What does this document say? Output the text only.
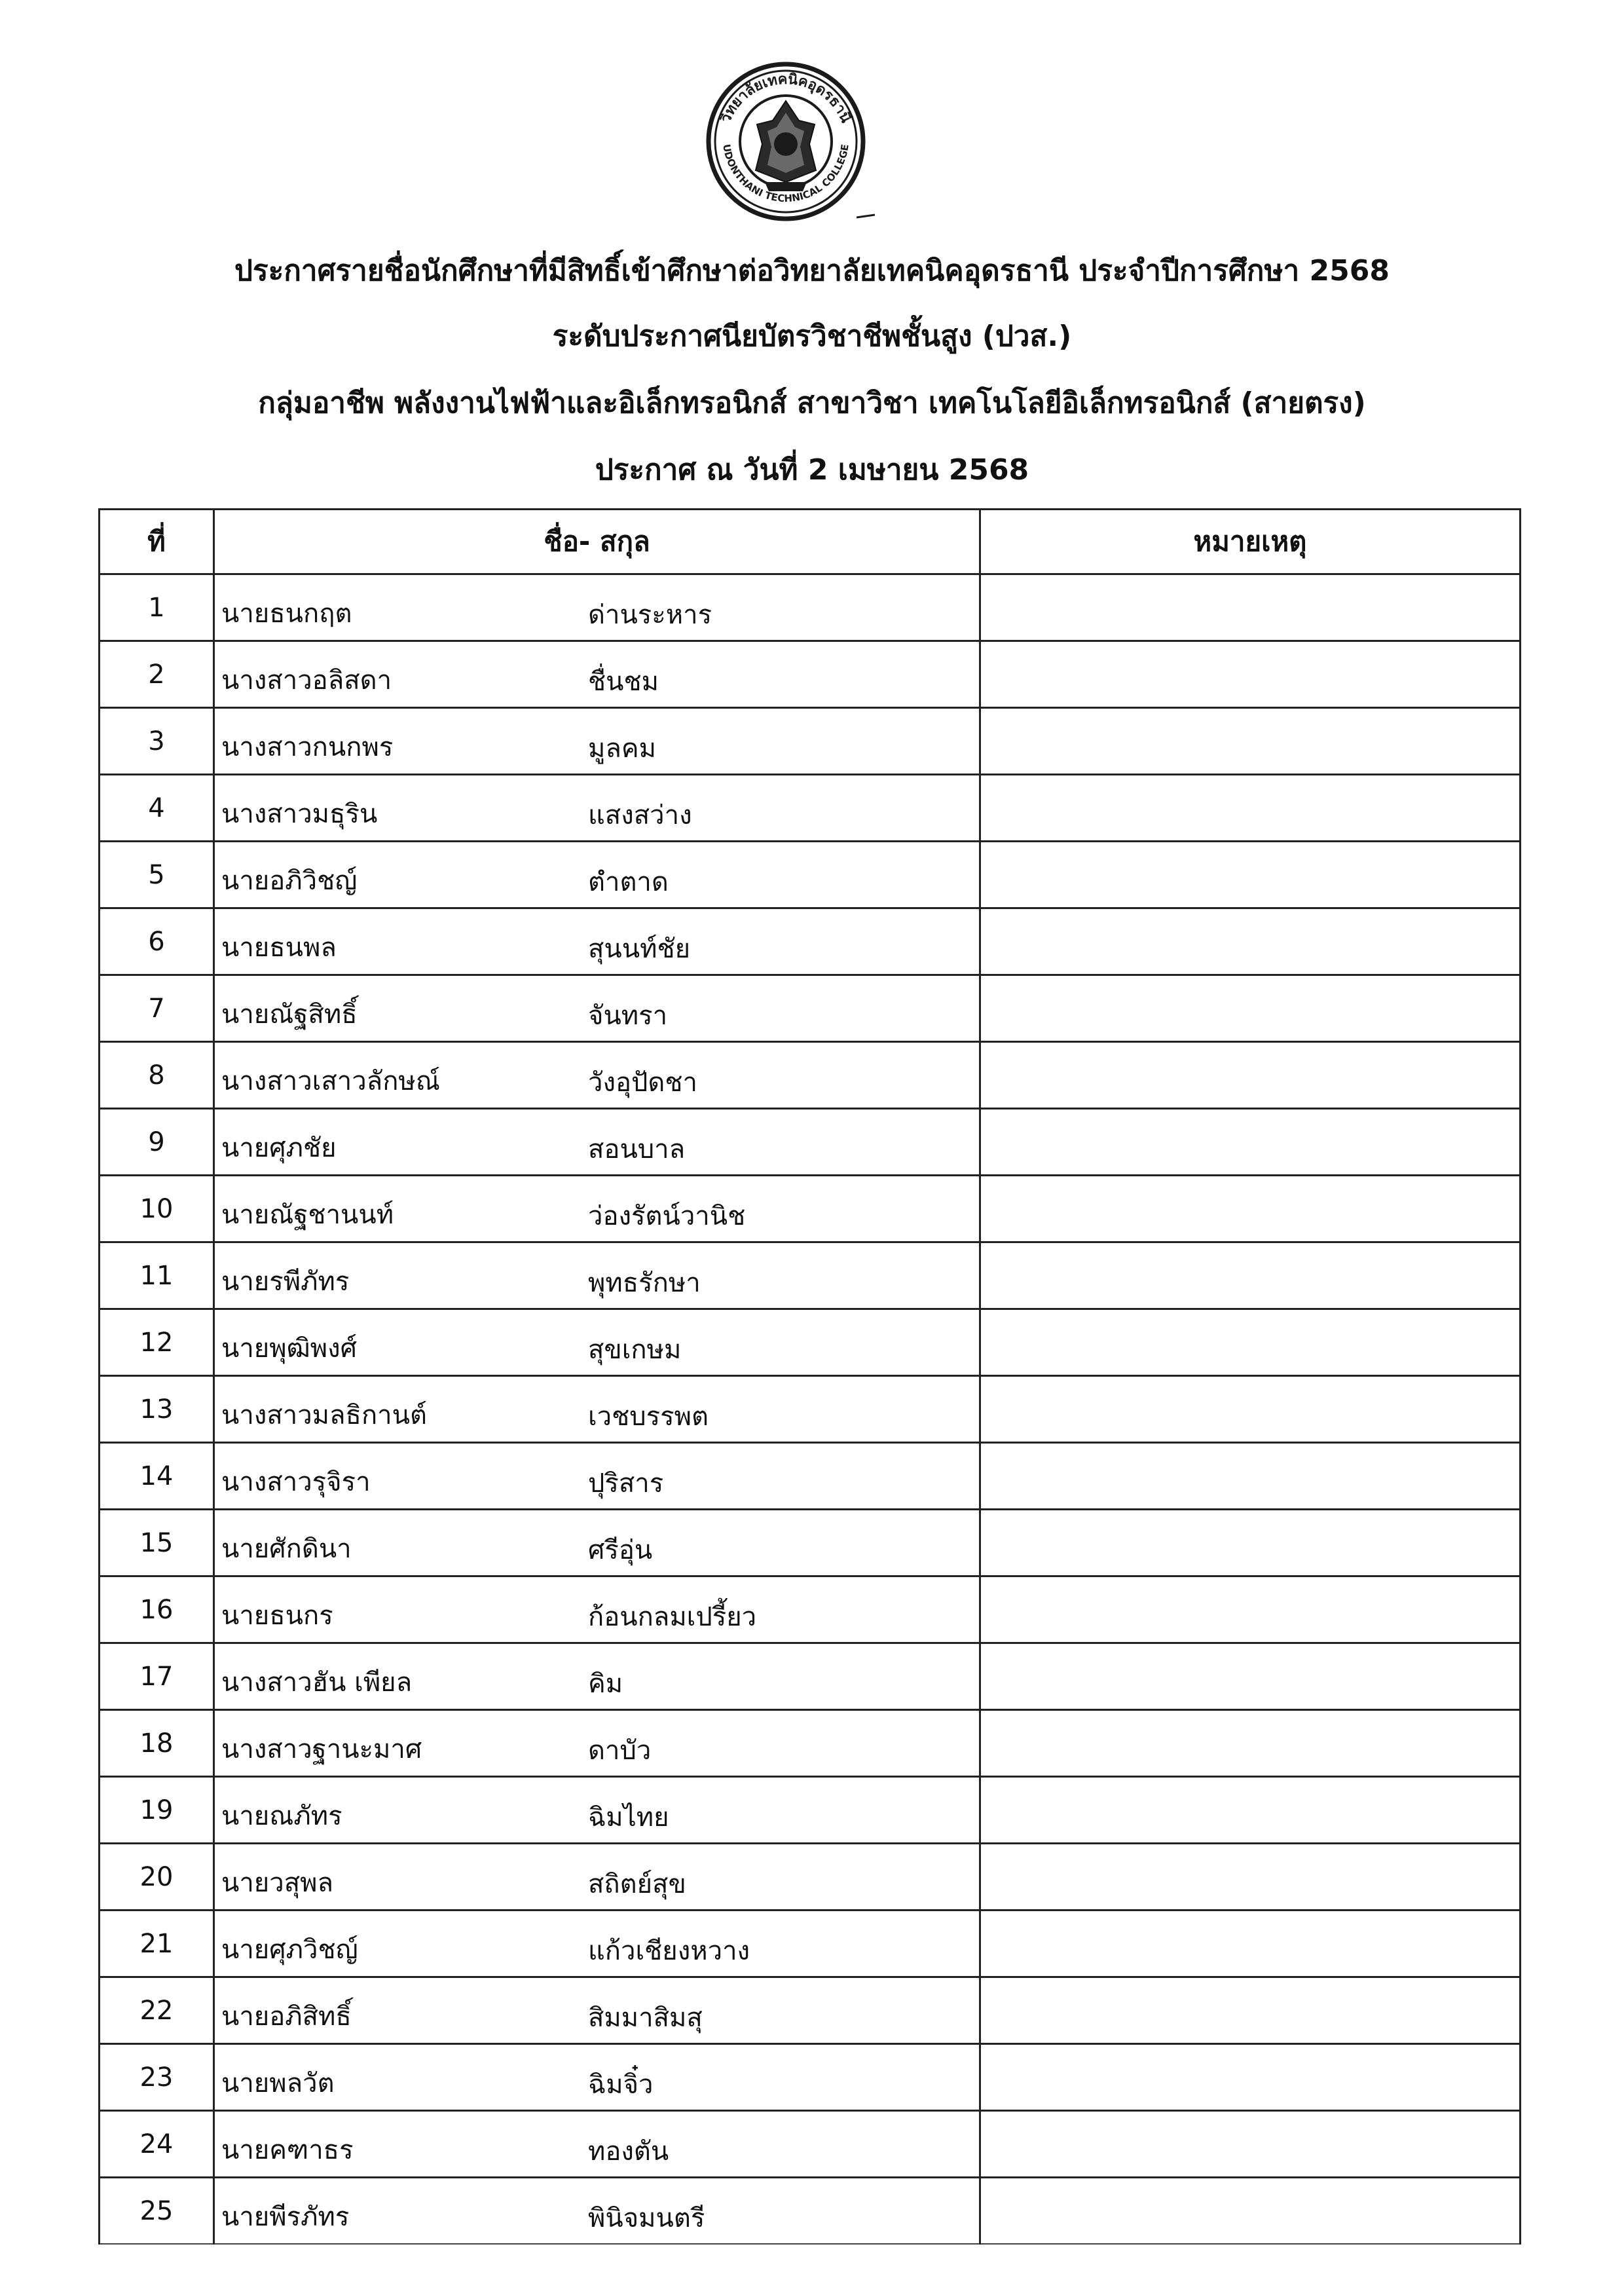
วิทยาลัยเทคนิคอุดรธานี
UDONTHANI TECHNICAL COLLEGE
ประกาศรายชื่อนักศึกษาที่มีสิทธิ์เข้าศึกษาต่อวิทยาลัยเทคนิคอุดรธานี ประจำปีการศึกษา 2568
ระดับประกาศนียบัตรวิชาชีพชั้นสูง (ปวส.)
กลุ่มอาชีพ พลังงานไฟฟ้าและอิเล็กทรอนิกส์ สาขาวิชา เทคโนโลยีอิเล็กทรอนิกส์ (สายตรง)
ประกาศ ณ วันที่ 2 เมษายน 2568
ที่	ชื่อ- สกุล	หมายเหตุ
1	นายธนกฤต ด่านระหาร	

2	นางสาวอลิสดา ชื่นชม	

3	นางสาวกนกพร มูลคม	

4	นางสาวมธุริน แสงสว่าง	

5	นายอภิวิชญ์ ตำตาด	

6	นายธนพล สุนนท์ชัย	

7	นายณัฐสิทธิ์ จันทรา	

8	นางสาวเสาวลักษณ์ วังอุปัดชา	

9	นายศุภชัย สอนบาล	

10	นายณัฐชานนท์ ว่องรัตน์วานิช	

11	นายรพีภัทร พุทธรักษา	

12	นายพุฒิพงศ์ สุขเกษม	

13	นางสาวมลธิกานต์ เวชบรรพต	

14	นางสาวรุจิรา ปุริสาร	

15	นายศักดินา ศรีอุ่น	

16	นายธนกร ก้อนกลมเปรี้ยว	

17	นางสาวฮัน เพียล คิม	

18	นางสาวฐานะมาศ ดาบัว	

19	นายณภัทร ฉิมไทย	

20	นายวสุพล สถิตย์สุข	

21	นายศุภวิชญ์ แก้วเชียงหวาง	

22	นายอภิสิทธิ์ สิมมาสิมสุ	

23	นายพลวัต ฉิมจิ๋ว	

24	นายคฑาธร ทองตัน	

25	นายพีรภัทร พินิจมนตรี	
